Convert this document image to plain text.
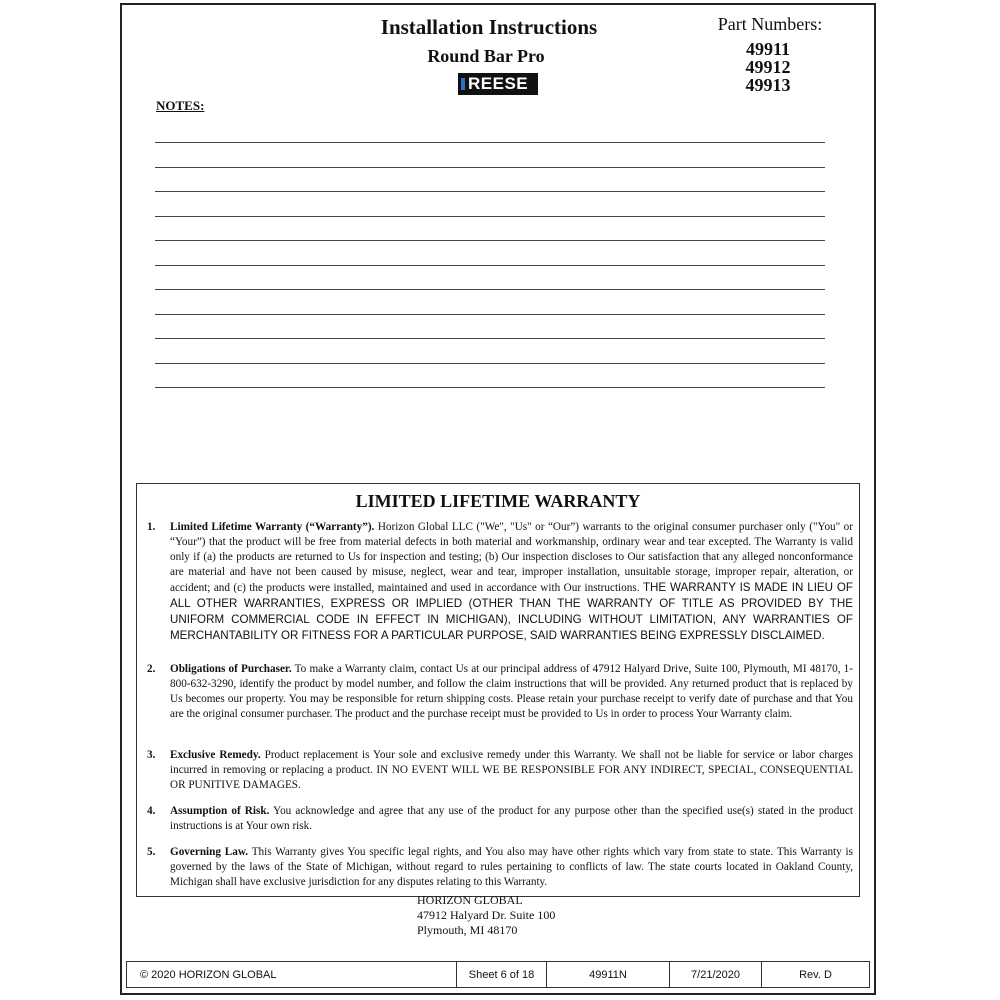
Installation Instructions
Round Bar Pro
REESE
Part Numbers:
49911
49912
49913
NOTES:
LIMITED LIFETIME WARRANTY
1. Limited Lifetime Warranty (“Warranty”). Horizon Global LLC ("We", "Us" or “Our”) warrants to the original consumer purchaser only ("You" or “Your”) that the product will be free from material defects in both material and workmanship, ordinary wear and tear excepted. The Warranty is valid only if (a) the products are returned to Us for inspection and testing; (b) Our inspection discloses to Our satisfaction that any alleged nonconformance are material and have not been caused by misuse, neglect, wear and tear, improper installation, unsuitable storage, improper repair, alteration, or accident; and (c) the products were installed, maintained and used in accordance with Our instructions. THE WARRANTY IS MADE IN LIEU OF ALL OTHER WARRANTIES, EXPRESS OR IMPLIED (OTHER THAN THE WARRANTY OF TITLE AS PROVIDED BY THE UNIFORM COMMERCIAL CODE IN EFFECT IN MICHIGAN), INCLUDING WITHOUT LIMITATION, ANY WARRANTIES OF MERCHANTABILITY OR FITNESS FOR A PARTICULAR PURPOSE, SAID WARRANTIES BEING EXPRESSLY DISCLAIMED.
2. Obligations of Purchaser. To make a Warranty claim, contact Us at our principal address of 47912 Halyard Drive, Suite 100, Plymouth, MI 48170, 1-800-632-3290, identify the product by model number, and follow the claim instructions that will be provided. Any returned product that is replaced by Us becomes our property. You may be responsible for return shipping costs. Please retain your purchase receipt to verify date of purchase and that You are the original consumer purchaser. The product and the purchase receipt must be provided to Us in order to process Your Warranty claim.
3. Exclusive Remedy. Product replacement is Your sole and exclusive remedy under this Warranty. We shall not be liable for service or labor charges incurred in removing or replacing a product. IN NO EVENT WILL WE BE RESPONSIBLE FOR ANY INDIRECT, SPECIAL, CONSEQUENTIAL OR PUNITIVE DAMAGES.
4. Assumption of Risk. You acknowledge and agree that any use of the product for any purpose other than the specified use(s) stated in the product instructions is at Your own risk.
5. Governing Law. This Warranty gives You specific legal rights, and You also may have other rights which vary from state to state. This Warranty is governed by the laws of the State of Michigan, without regard to rules pertaining to conflicts of law. The state courts located in Oakland County, Michigan shall have exclusive jurisdiction for any disputes relating to this Warranty.
HORIZON GLOBAL
47912 Halyard Dr. Suite 100
Plymouth, MI 48170
© 2020 HORIZON GLOBAL	Sheet 6 of 18	49911N	7/21/2020	Rev. D
